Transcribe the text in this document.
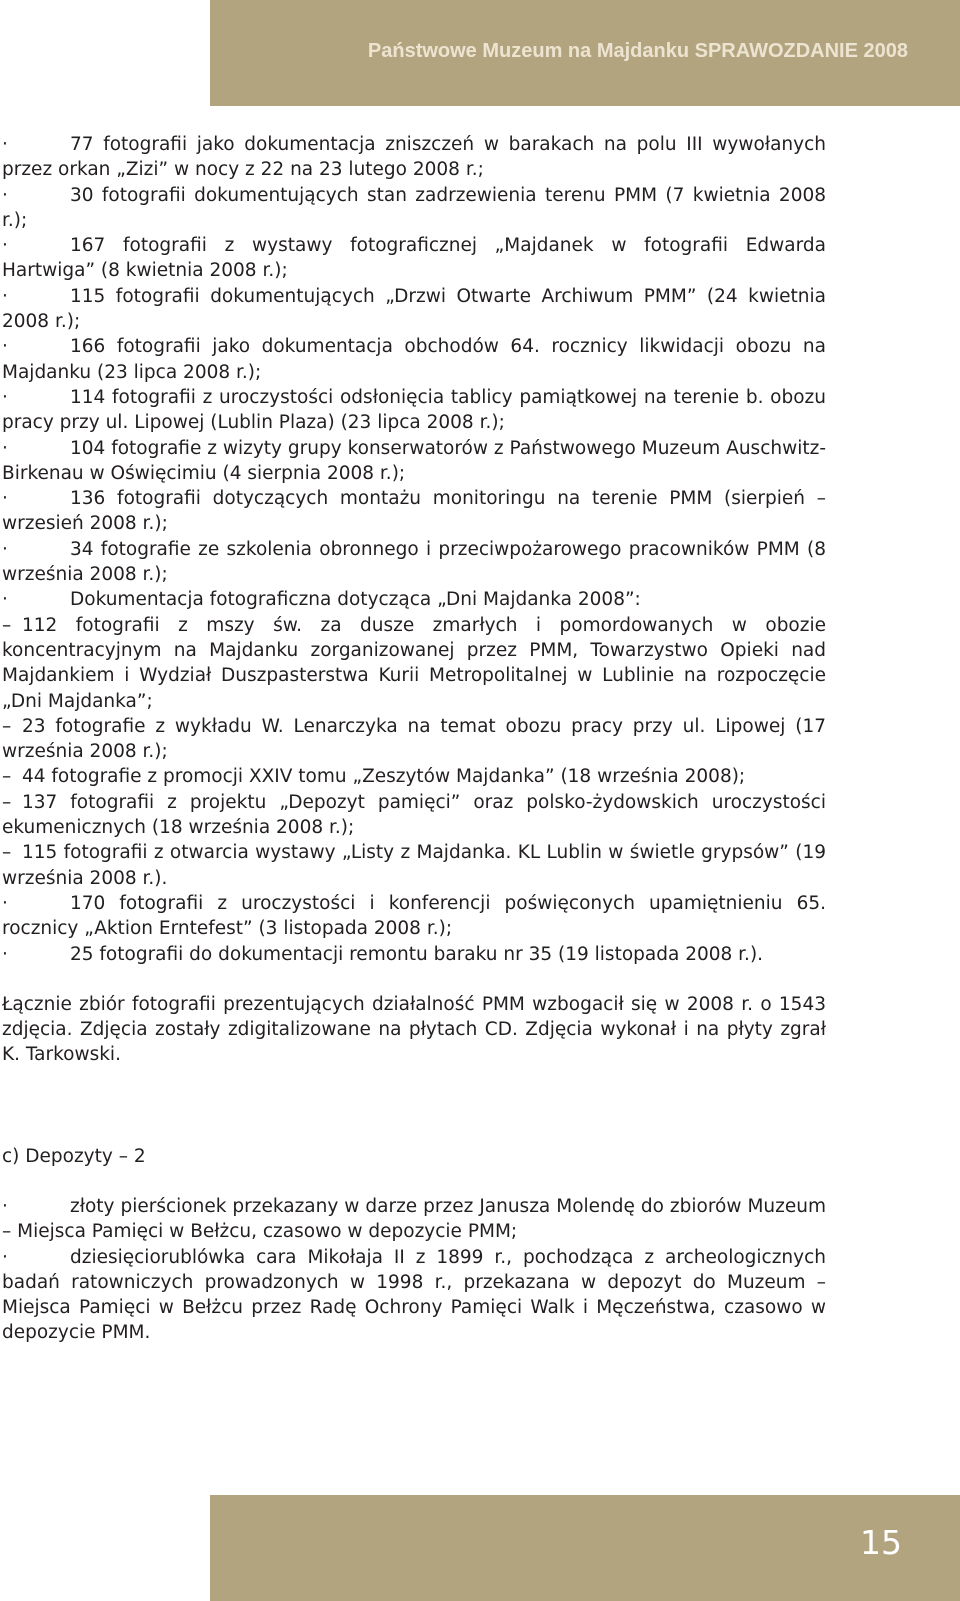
Państwowe Muzeum na Majdanku SPRAWOZDANIE 2008

·	77 fotografii jako dokumentacja zniszczeń w barakach na polu III wywołanych przez orkan „Zizi” w nocy z 22 na 23 lutego 2008 r.;

·	30 fotografii dokumentujących stan zadrzewienia terenu PMM (7 kwietnia 2008 r.);

·	167 fotografii z wystawy fotograficznej „Majdanek w fotografii Edwarda Hartwiga” (8 kwietnia 2008 r.);

·	115 fotografii dokumentujących „Drzwi Otwarte Archiwum PMM” (24 kwietnia 2008 r.);

·	166 fotografii jako dokumentacja obchodów 64. rocznicy likwidacji obozu na Majdanku (23 lipca 2008 r.);

·	114 fotografii z uroczystości odsłonięcia tablicy pamiątkowej na terenie b. obozu pracy przy ul. Lipowej (Lublin Plaza) (23 lipca 2008 r.);

·	104 fotografie z wizyty grupy konserwatorów z Państwowego Muzeum Auschwitz-Birkenau w Oświęcimiu (4 sierpnia 2008 r.);

·	136 fotografii dotyczących montażu monitoringu na terenie PMM (sierpień – wrzesień 2008 r.);

·	34 fotografie ze szkolenia obronnego i przeciwpożarowego pracowników PMM (8 września 2008 r.);

·	Dokumentacja fotograficzna dotycząca „Dni Majdanka 2008”:

– 112 fotografii z mszy św. za dusze zmarłych i pomordowanych w obozie koncentracyjnym na Majdanku zorganizowanej przez PMM, Towarzystwo Opieki nad Majdankiem i Wydział Duszpasterstwa Kurii Metropolitalnej w Lublinie na rozpoczęcie „Dni Majdanka”;

– 23 fotografie z wykładu W. Lenarczyka na temat obozu pracy przy ul. Lipowej (17 września 2008 r.);

– 44 fotografie z promocji XXIV tomu „Zeszytów Majdanka” (18 września 2008);

– 137 fotografii z projektu „Depozyt pamięci” oraz polsko-żydowskich uroczystości ekumenicznych (18 września 2008 r.);

– 115 fotografii z otwarcia wystawy „Listy z Majdanka. KL Lublin w świetle grypsów” (19 września 2008 r.).

·	170 fotografii z uroczystości i konferencji poświęconych upamiętnieniu 65. rocznicy „Aktion Erntefest” (3 listopada 2008 r.);

·	25 fotografii do dokumentacji remontu baraku nr 35 (19 listopada 2008 r.).

Łącznie zbiór fotografii prezentujących działalność PMM wzbogacił się w 2008 r. o 1543 zdjęcia. Zdjęcia zostały zdigitalizowane na płytach CD. Zdjęcia wykonał i na płyty zgrał K. Tarkowski.

c) Depozyty – 2

·	złoty pierścionek przekazany w darze przez Janusza Molendę do zbiorów Muzeum – Miejsca Pamięci w Bełżcu, czasowo w depozycie PMM;

·	dziesięciorublówka cara Mikołaja II z 1899 r., pochodząca z archeologicznych badań ratowniczych prowadzonych w 1998 r., przekazana w depozyt do Muzeum – Miejsca Pamięci w Bełżcu przez Radę Ochrony Pamięci Walk i Męczeństwa, czasowo w depozycie PMM.

15
